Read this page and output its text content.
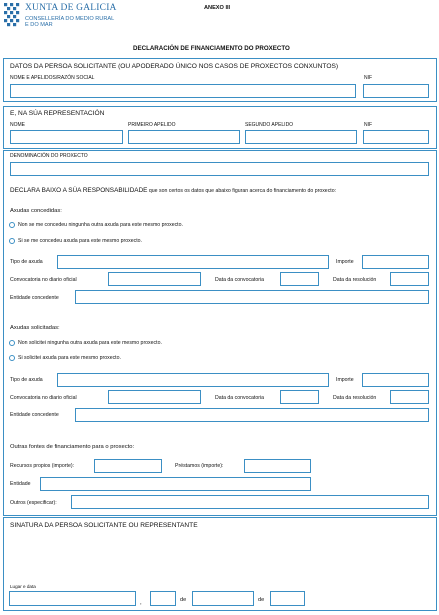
XUNTA DE GALICIA
CONSELLERÍA DO MEDIO RURAL
E DO MAR
ANEXO III
DECLARACIÓN DE FINANCIAMENTO DO PROXECTO
DATOS DA PERSOA SOLICITANTE (OU APODERADO ÚNICO NOS CASOS DE PROXECTOS CONXUNTOS)
NOME E APELIDOS/RAZÓN SOCIAL	NIF
E, NA SÚA REPRESENTACIÓN
NOME	PRIMEIRO APELIDO	SEGUNDO APELIDO	NIF
DENOMINACIÓN DO PROXECTO
DECLARA BAIXO A SÚA RESPONSABILIDADE que son certos os datos que abaixo figuran acerca do financiamento do proxecto:
Axudas concedidas:
Non se me concedeu ningunha outra axuda para este mesmo proxecto.
Si se me concedeu axuda para este mesmo proxecto.
Tipo de axuda	Importe
Convocatoria no diario oficial	Data da convocatoria	Data da resolución
Entidade concedente
Axudas solicitadas:
Non solicitei ningunha outra axuda para este mesmo proxecto.
Si solicitei axuda para este mesmo proxecto.
Tipo de axuda	Importe
Convocatoria no diario oficial	Data da convocatoria	Data da resolución
Entidade concedente
Outras fontes de financiamento para o proxecto:
Recursos propios (importe):	Préstamos (importe):
Entidade
Outros (especificar):
SINATURA DA PERSOA SOLICITANTE OU REPRESENTANTE
Lugar e data
,	de	de
